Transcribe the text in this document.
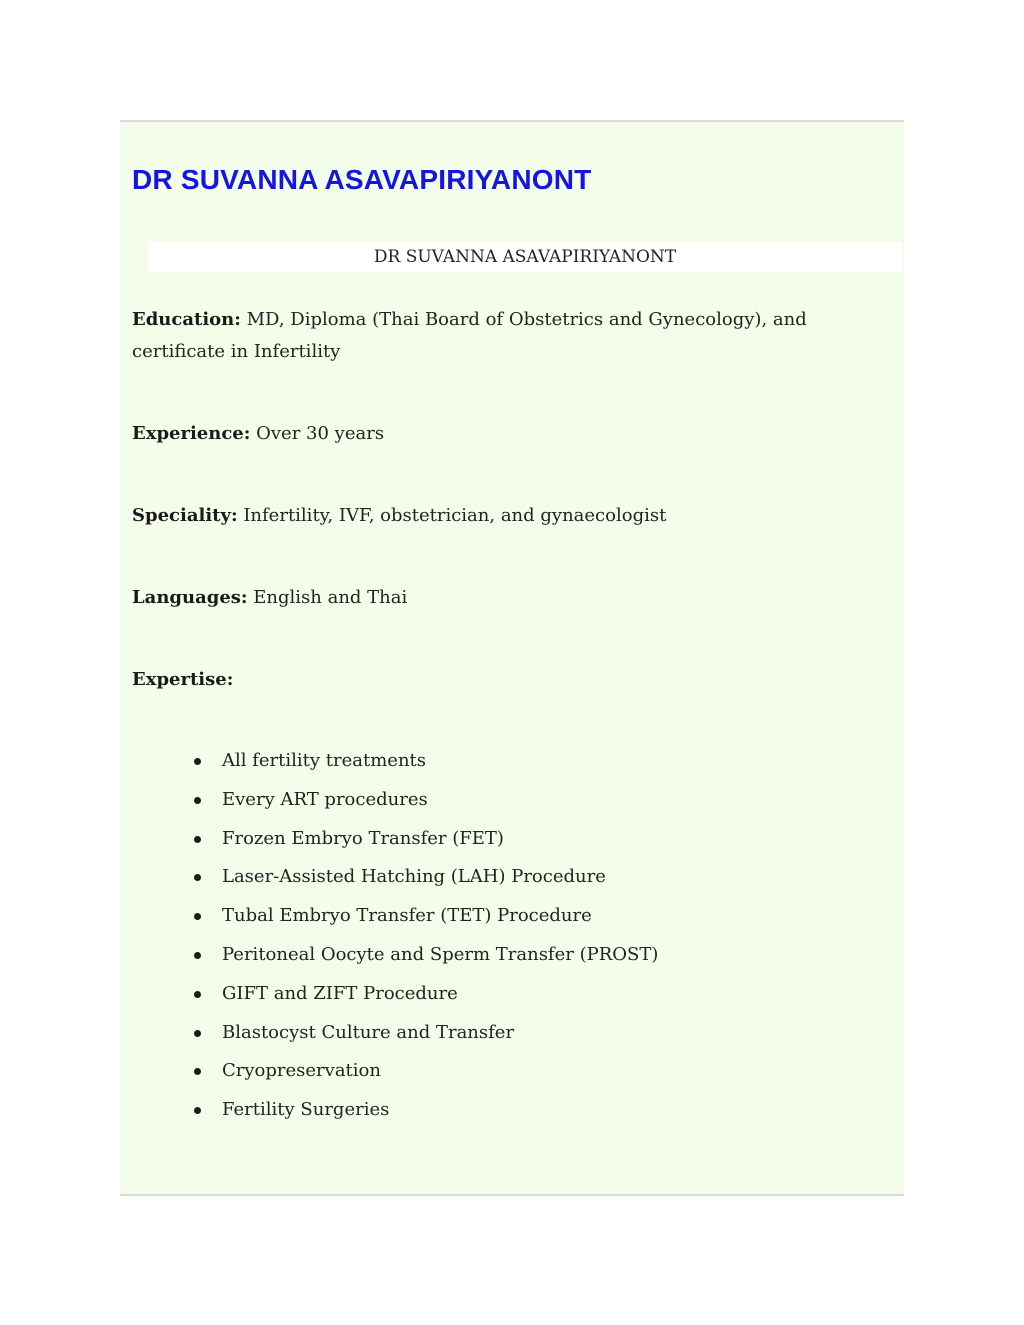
DR SUVANNA ASAVAPIRIYANONT
DR SUVANNA ASAVAPIRIYANONT

Education: MD, Diploma (Thai Board of Obstetrics and Gynecology), and certificate in Infertility

Experience: Over 30 years

Speciality: Infertility, IVF, obstetrician, and gynaecologist

Languages: English and Thai

Expertise:

All fertility treatments
Every ART procedures
Frozen Embryo Transfer (FET)
Laser-Assisted Hatching (LAH) Procedure
Tubal Embryo Transfer (TET) Procedure
Peritoneal Oocyte and Sperm Transfer (PROST)
GIFT and ZIFT Procedure
Blastocyst Culture and Transfer
Cryopreservation
Fertility Surgeries
